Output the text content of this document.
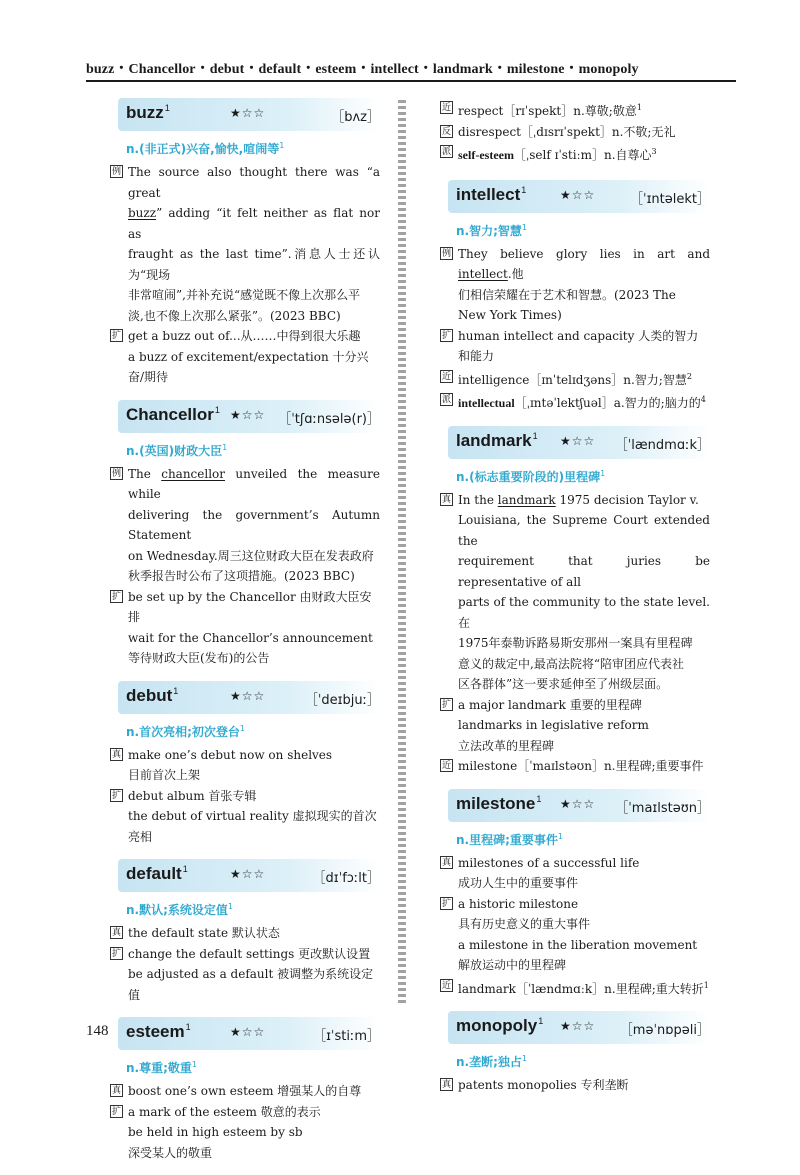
buzz・Chancellor・debut・default・esteem・intellect・landmark・milestone・monopoly
buzz$^1$	★☆☆	［bʌz］
n.(非正式)兴奋,愉快,喧闹等$^1$
例 The source also thought there was “a great
buzz” adding “it felt neither as flat nor as
fraught as the last time”.消息人士还认为“现场
非常喧闹”,并补充说“感觉既不像上次那么平
淡,也不像上次那么紧张”。(2023 BBC)
扩 get a buzz out of...从……中得到很大乐趣
a buzz of excitement/expectation 十分兴奋/期待
Chancellor$^1$ ★☆☆ ［ˈtʃɑːnsələ(r)］
n.(英国)财政大臣$^1$
例 The chancellor unveiled the measure while
delivering the government’s Autumn Statement
on Wednesday.周三这位财政大臣在发表政府
秋季报告时公布了这项措施。(2023 BBC)
扩 be set up by the Chancellor 由财政大臣安排
wait for the Chancellor’s announcement
等待财政大臣(发布)的公告
debut$^1$	★☆☆	［ˈdeɪbjuː］
n.首次亮相;初次登台$^1$
真 make one’s debut now on shelves
目前首次上架
扩 debut album 首张专辑
the debut of virtual reality 虚拟现实的首次亮相
default$^1$	★☆☆	［dɪˈfɔːlt］
n.默认;系统设定值$^1$
真 the default state 默认状态
扩 change the default settings 更改默认设置
be adjusted as a default 被调整为系统设定值
esteem$^1$	★☆☆	［ɪˈstiːm］
n.尊重;敬重$^1$
真 boost one’s own esteem 增强某人的自尊
扩 a mark of the esteem 敬意的表示
be held in high esteem by sb
深受某人的敬重
近 respect［rɪˈspekt］n.尊敬;敬意$^1$
反 disrespect［ˌdɪsrɪˈspekt］n.不敬;无礼
派 self-esteem［ˌself ɪˈstiːm］n.自尊心$^3$
intellect$^1$	★☆☆	［ˈɪntəlekt］
n.智力;智慧$^1$
例 They believe glory lies in art and intellect.他
们相信荣耀在于艺术和智慧。(2023 The
New York Times)
扩 human intellect and capacity 人类的智力和能力
近 intelligence［ɪnˈtelɪdʒəns］n.智力;智慧$^2$
派 intellectual［ˌɪntəˈlektʃuəl］a.智力的;脑力的$^4$
landmark$^1$ ★☆☆ ［ˈlændmɑːk］
n.(标志重要阶段的)里程碑$^1$
真 In the landmark 1975 decision Taylor v.
Louisiana, the Supreme Court extended the
requirement that juries be representative of all
parts of the community to the state level.在
1975年泰勒诉路易斯安那州一案具有里程碑
意义的裁定中,最高法院将“陪审团应代表社
区各群体”这一要求延伸至了州级层面。
扩 a major landmark 重要的里程碑
landmarks in legislative reform
立法改革的里程碑
近 milestone［ˈmaɪlstəʊn］n.里程碑;重要事件
milestone$^1$ ★☆☆ ［ˈmaɪlstəʊn］
n.里程碑;重要事件$^1$
真 milestones of a successful life
成功人生中的重要事件
扩 a historic milestone
具有历史意义的重大事件
a milestone in the liberation movement
解放运动中的里程碑
近 landmark［ˈlændmɑːk］n.里程碑;重大转折$^1$
monopoly$^1$ ★☆☆ ［məˈnɒpəli］
n.垄断;独占$^1$
真 patents monopolies 专利垄断
148
